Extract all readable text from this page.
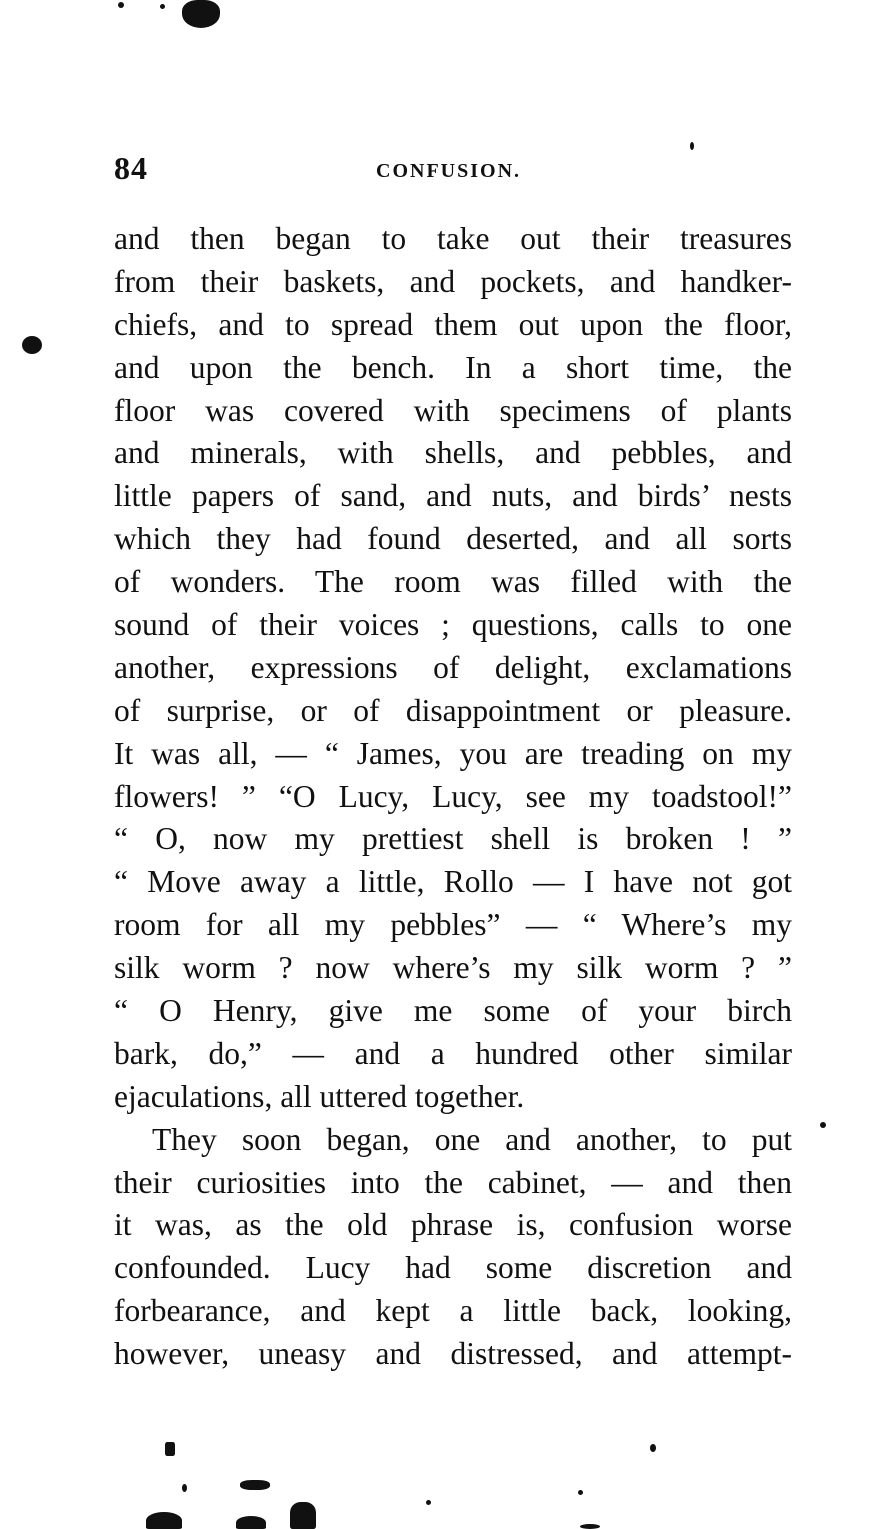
84	CONFUSION.
and then began to take out their treasures
from their baskets, and pockets, and handker-
chiefs, and to spread them out upon the floor,
and upon the bench. In a short time, the
floor was covered with specimens of plants
and minerals, with shells, and pebbles, and
little papers of sand, and nuts, and birds’ nests
which they had found deserted, and all sorts
of wonders. The room was filled with the
sound of their voices ; questions, calls to one
another, expressions of delight, exclamations
of surprise, or of disappointment or pleasure.
It was all, — “ James, you are treading on my
flowers! ” “O Lucy, Lucy, see my toadstool!”
“ O, now my prettiest shell is broken ! ”
“ Move away a little, Rollo — I have not got
room for all my pebbles” — “ Where’s my
silk worm ? now where’s my silk worm ? ”
“ O Henry, give me some of your birch
bark, do,” — and a hundred other similar
ejaculations, all uttered together.
They soon began, one and another, to put
their curiosities into the cabinet, — and then
it was, as the old phrase is, confusion worse
confounded. Lucy had some discretion and
forbearance, and kept a little back, looking,
however, uneasy and distressed, and attempt-
